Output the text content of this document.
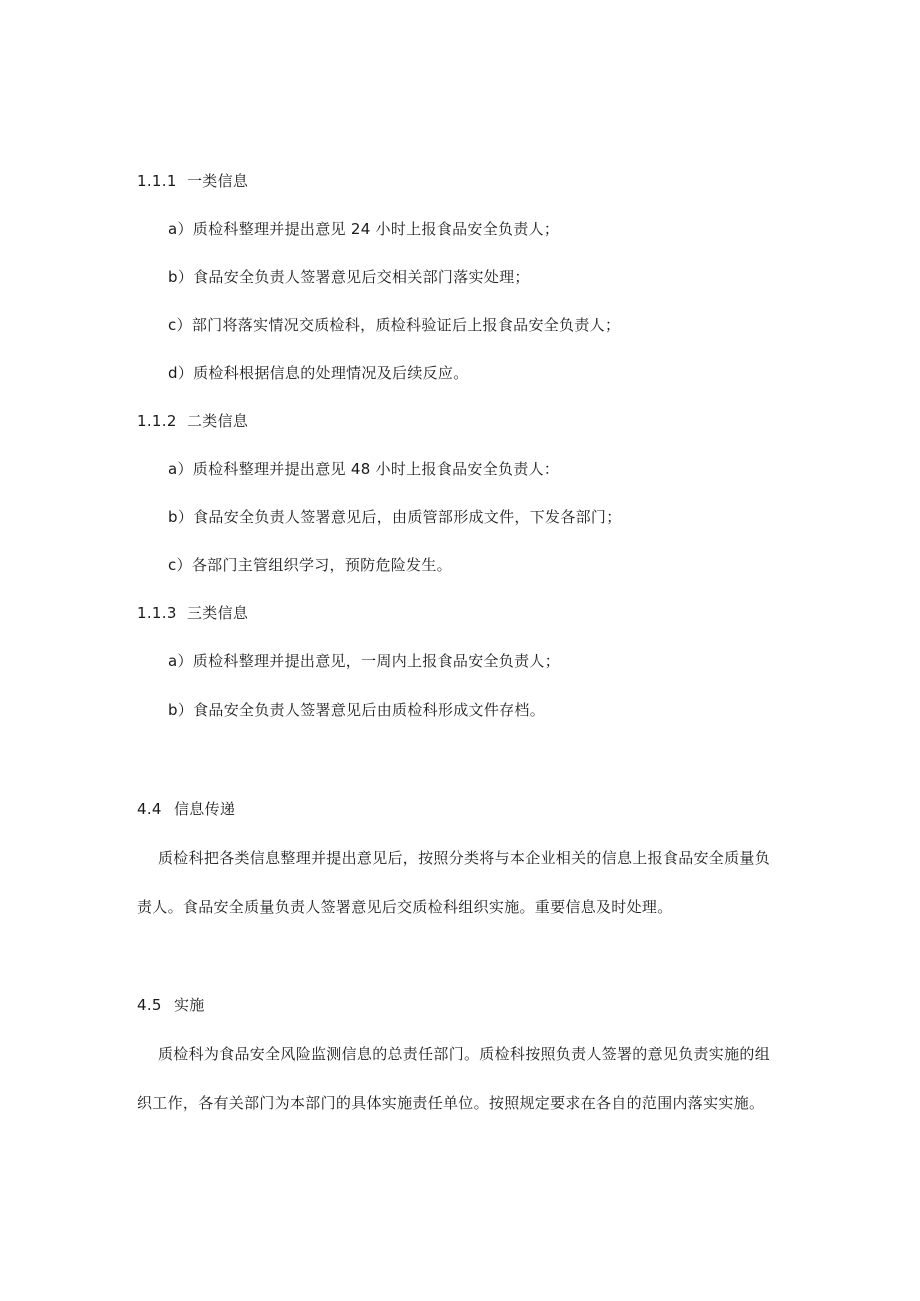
1.1.1 一类信息
a）质检科整理并提出意见 24 小时上报食品安全负责人；
b）食品安全负责人签署意见后交相关部门落实处理；
c）部门将落实情况交质检科，质检科验证后上报食品安全负责人；
d）质检科根据信息的处理情况及后续反应。
1.1.2 二类信息
a）质检科整理并提出意见 48 小时上报食品安全负责人：
b）食品安全负责人签署意见后，由质管部形成文件，下发各部门；
c）各部门主管组织学习，预防危险发生。
1.1.3 三类信息
a）质检科整理并提出意见，一周内上报食品安全负责人；
b）食品安全负责人签署意见后由质检科形成文件存档。
4.4 信息传递
质检科把各类信息整理并提出意见后，按照分类将与本企业相关的信息上报食品安全质量负
责人。食品安全质量负责人签署意见后交质检科组织实施。重要信息及时处理。
4.5 实施
质检科为食品安全风险监测信息的总责任部门。质检科按照负责人签署的意见负责实施的组
织工作，各有关部门为本部门的具体实施责任单位。按照规定要求在各自的范围内落实实施。
